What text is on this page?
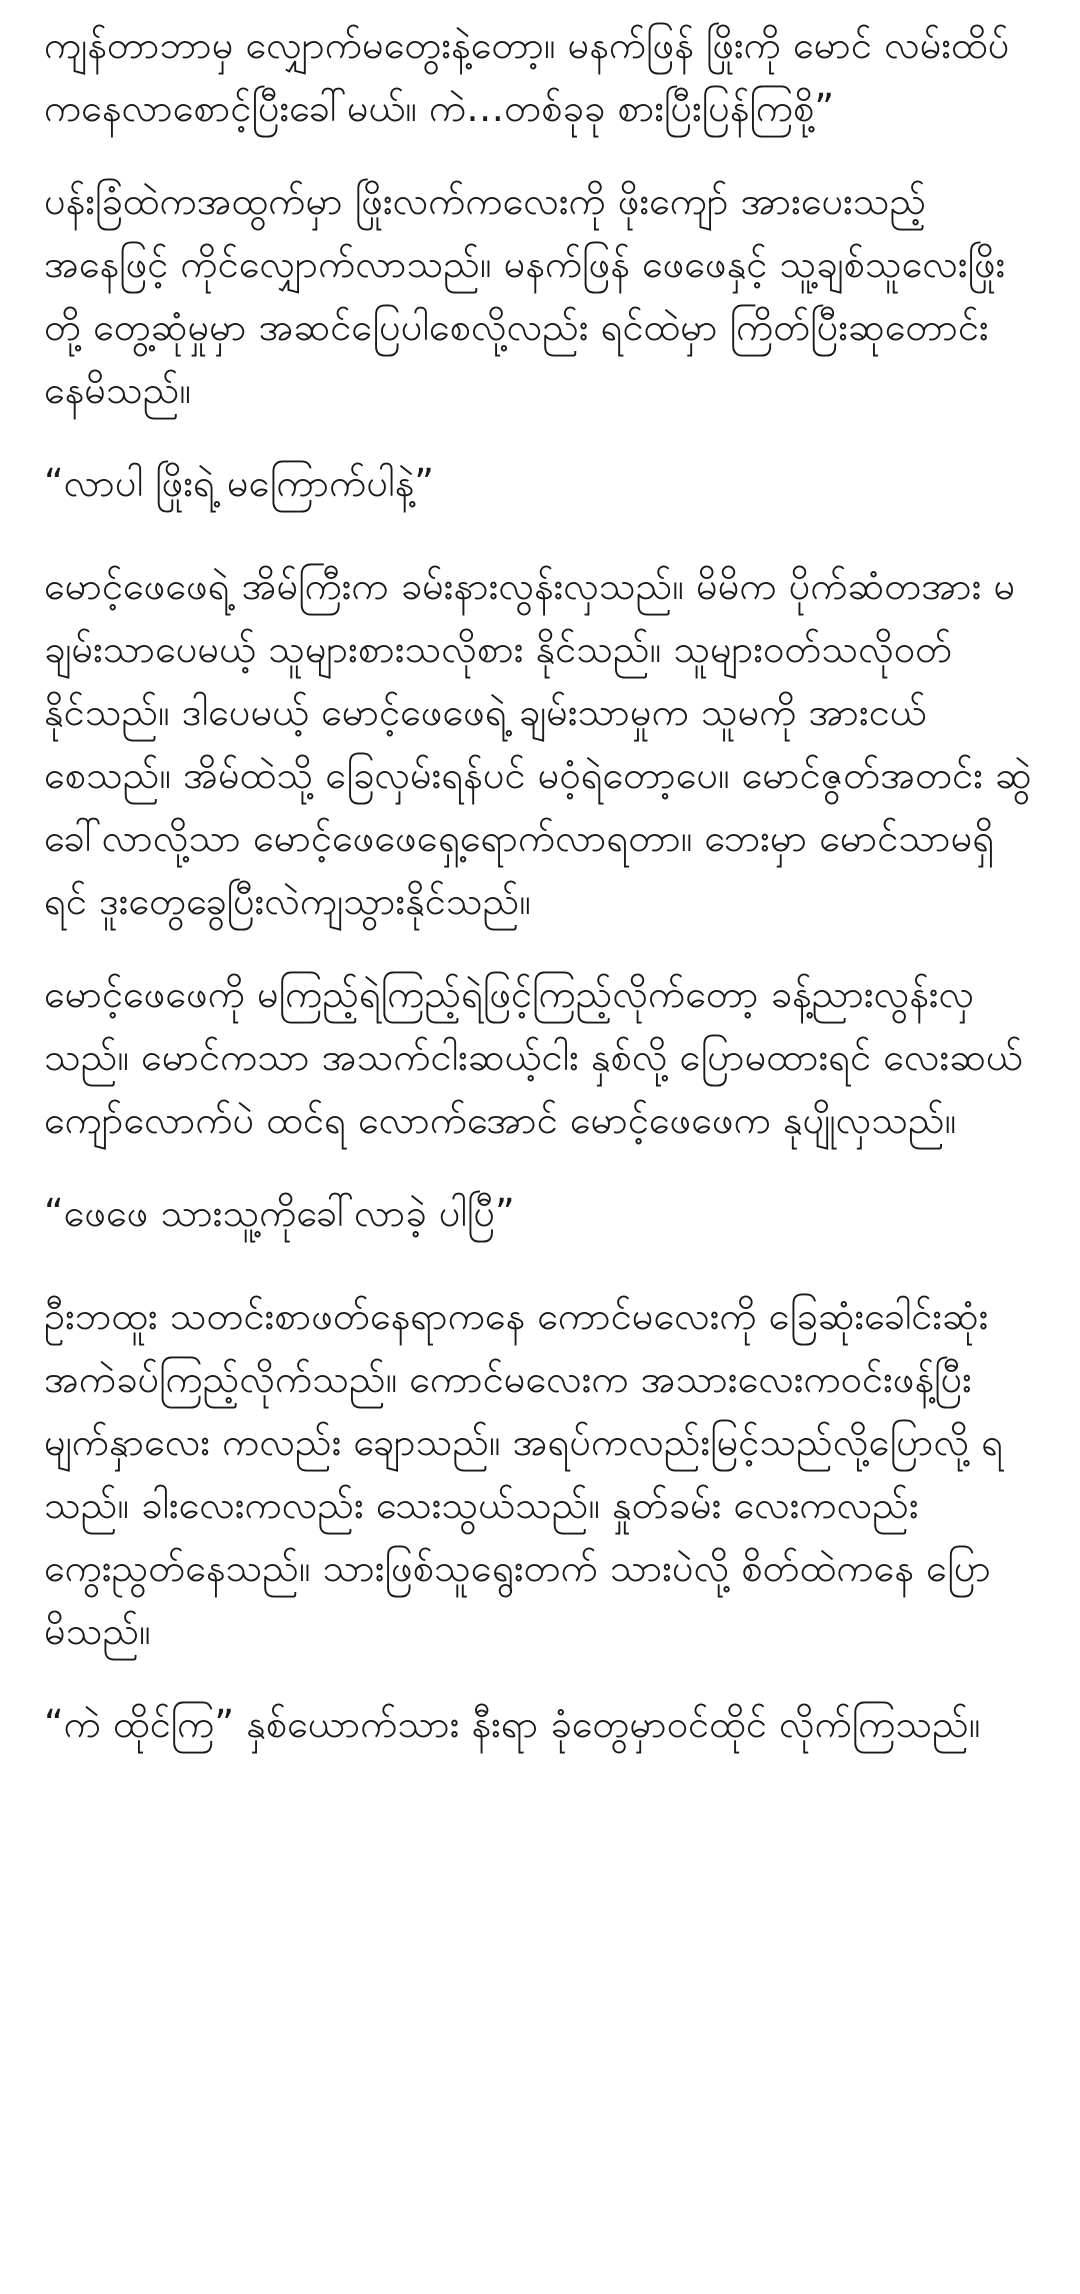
ကျန်တာဘာမှ လျှောက်မတွေးနဲ့တော့။ မနက်ဖြန် ဖြိုးကို မောင် လမ်းထိပ်ကနေလာစောင့်ပြီးခေါ်မယ်။ ကဲ…တစ်ခုခု စားပြီးပြန်ကြစို့”

ပန်းခြံထဲကအထွက်မှာ ဖြိုးလက်ကလေးကို ဖိုးကျော် အားပေးသည့်အနေဖြင့် ကိုင်လျှောက်လာသည်။ မနက်ဖြန် ဖေဖေနှင့် သူ့ချစ်သူလေးဖြိုးတို့ တွေ့ဆုံမှုမှာ အဆင်ပြေပါစေလို့လည်း ရင်ထဲမှာ ကြိတ်ပြီးဆုတောင်း နေမိသည်။

“လာပါ ဖြိုးရဲ့ မကြောက်ပါနဲ့”

မောင့်ဖေဖေရဲ့ အိမ်ကြီးက ခမ်းနားလွန်းလှသည်။ မိမိက ပိုက်ဆံတအား မချမ်းသာပေမယ့် သူများစားသလိုစား နိုင်သည်။ သူများဝတ်သလိုဝတ်နိုင်သည်။ ဒါပေမယ့် မောင့်ဖေဖေရဲ့ ချမ်းသာမှုက သူမကို အားငယ်စေသည်။ အိမ်ထဲသို့ ခြေလှမ်းရန်ပင် မဝံ့ရဲတော့ပေ။ မောင်ဇွတ်အတင်း ဆွဲခေါ်လာလို့သာ မောင့်ဖေဖေရှေ့ရောက်လာရတာ။ ဘေးမှာ မောင်သာမရှိရင် ဒူးတွေခွေပြီးလဲကျသွားနိုင်သည်။

မောင့်ဖေဖေကို မကြည့်ရဲကြည့်ရဲဖြင့်ကြည့်လိုက်တော့ ခန့်ညားလွန်းလှသည်။ မောင်ကသာ အသက်ငါးဆယ့်ငါး နှစ်လို့ ပြောမထားရင် လေးဆယ်ကျော်လောက်ပဲ ထင်ရ လောက်အောင် မောင့်ဖေဖေက နုပျိုလှသည်။

“ဖေဖေ သားသူ့ကိုခေါ်လာခဲ့ ပါပြီ”

ဦးဘထူး သတင်းစာဖတ်နေရာကနေ ကောင်မလေးကို ခြေဆုံးခေါင်းဆုံး အကဲခပ်ကြည့်လိုက်သည်။ ကောင်မလေးက အသားလေးကဝင်းဖန့်ပြီး မျက်နှာလေး ကလည်း ချောသည်။ အရပ်ကလည်းမြင့်သည်လို့ပြောလို့ ရသည်။ ခါးလေးကလည်း သေးသွယ်သည်။ နှုတ်ခမ်း လေးကလည်း ကွေးညွတ်နေသည်။ သားဖြစ်သူရွေးတက် သားပဲလို့ စိတ်ထဲကနေ ပြောမိသည်။

“ကဲ ထိုင်ကြ” နှစ်ယောက်သား နီးရာ ခုံတွေမှာဝင်ထိုင် လိုက်ကြသည်။
